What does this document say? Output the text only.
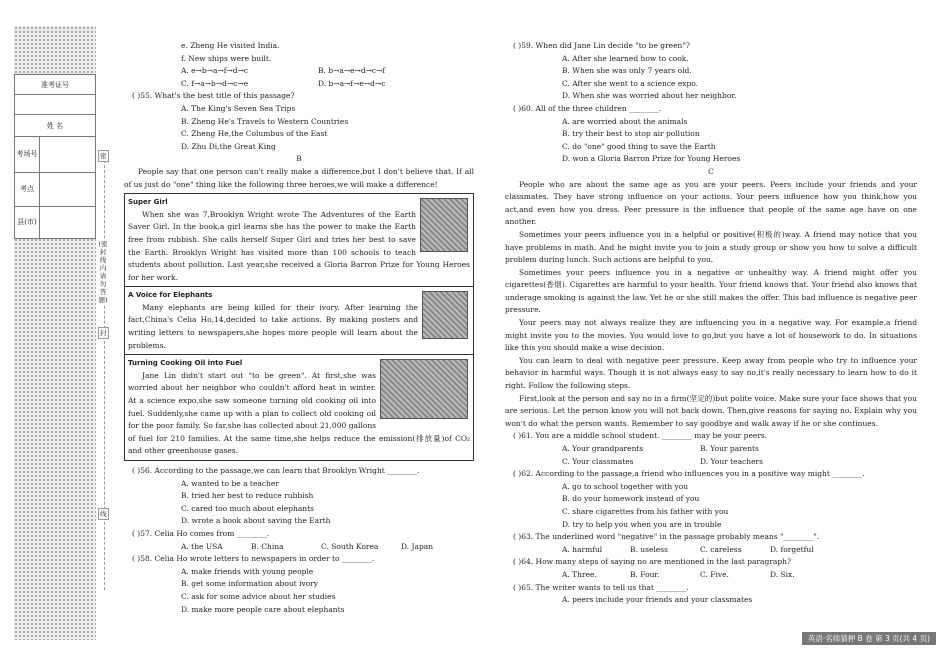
准考证号
姓 名
考场号
考点
县(市)
密
(密封线内请勿答题)
封
线

e. Zheng He visited India.

f. New ships were built.

A. e→b→a→f→d→c	B. b→a→e→d→c→f

C. f→a→b→d→c→e	D. b→a→f→e→d→c

( )55. What's the best title of this passage?

A. The King's Seven Sea Trips

B. Zheng He's Travels to Western Countries

C. Zheng He,the Columbus of the East

D. Zhu Di,the Great King

B

People say that one person can't really make a difference,but I don't believe that. If all of us just do "one" thing like the following three heroes,we will make a difference!

Super Girl
When she was 7,Brooklyn Wright wrote The Adventures of the Earth Saver Girl. In the book,a girl learns she has the power to make the Earth free from rubbish. She calls herself Super Girl and tries her best to save the Earth. Brooklyn Wright has visited more than 100 schools to teach students about pollution. Last year,she received a Gloria Barron Prize for Young Heroes for her work.
A Voice for Elephants
Many elephants are being killed for their ivory. After learning the fact,China's Celia Ho,14,decided to take actions. By making posters and writing letters to newspapers,she hopes more people will learn about the problems.
Turning Cooking Oil into Fuel
Jane Lin didn't start out "to be green". At first,she was worried about her neighbor who couldn't afford heat in winter. At a science expo,she saw someone turning old cooking oil into fuel. Suddenly,she came up with a plan to collect old cooking oil for the poor family. So far,she has collected about 21,000 gallons of fuel for 210 families. At the same time,she helps reduce the emission(排放量)of CO₂ and other greenhouse gases.

( )56. According to the passage,we can learn that Brooklyn Wright ________.

A. wanted to be a teacher

B. tried her best to reduce rubbish

C. cared too much about elephants

D. wrote a book about saving the Earth

( )57. Celia Ho comes from ________.

A. the USA	B. China	C. South Korea	D. Japan

( )58. Celia Ho wrote letters to newspapers in order to ________.

A. make friends with young people

B. get some information about ivory

C. ask for some advice about her studies

D. make more people care about elephants

( )59. When did Jane Lin decide "to be green"?

A. After she learned how to cook.

B. When she was only 7 years old.

C. After she went to a science expo.

D. When she was worried about her neighbor.

( )60. All of the three children ________.

A. are worried about the animals

B. try their best to stop air pollution

C. do "one" good thing to save the Earth

D. won a Gloria Barron Prize for Young Heroes

C

People who are about the same age as you are your peers. Peers include your friends and your classmates. They have strong influence on your actions. Your peers influence how you think,how you act,and even how you dress. Peer pressure is the influence that people of the same age have on one another.

Sometimes your peers influence you in a helpful or positive(积极的)way. A friend may notice that you have problems in math. And he might invite you to join a study group or show you how to solve a difficult problem during lunch. Such actions are helpful to you.

Sometimes your peers influence you in a negative or unhealthy way. A friend might offer you cigarettes(香烟). Cigarettes are harmful to your health. Your friend knows that. Your friend also knows that underage smoking is against the law. Yet he or she still makes the offer. This bad influence is negative peer pressure.

Your peers may not always realize they are influencing you in a negative way. For example,a friend might invite you to the movies. You would love to go,but you have a lot of housework to do. In situations like this you should make a wise decision.

You can learn to deal with negative peer pressure. Keep away from people who try to influence your behavior in harmful ways. Though it is not always easy to say no,it's really necessary to learn how to do it right. Follow the following steps.

First,look at the person and say no in a firm(坚定的)but polite voice. Make sure your face shows that you are serious. Let the person know you will not back down. Then,give reasons for saying no. Explain why you won't do what the person wants. Remember to say goodbye and walk away if he or she continues.

( )61. You are a middle school student. ________ may be your peers.

A. Your grandparents	B. Your parents

C. Your classmates	D. Your teachers

( )62. According to the passage,a friend who influences you in a positive way might ________.

A. go to school together with you

B. do your homework instead of you

C. share cigarettes from his father with you

D. try to help you when you are in trouble

( )63. The underlined word "negative" in the passage probably means "________".

A. harmful	B. useless	C. careless	D. forgetful

( )64. How many steps of saying no are mentioned in the last paragraph?

A. Three.	B. Four.	C. Five.	D. Six.

( )65. The writer wants to tell us that ________.

A. peers include your friends and your classmates

英语·名师猜押 B 卷 第 3 页(共 4 页)
